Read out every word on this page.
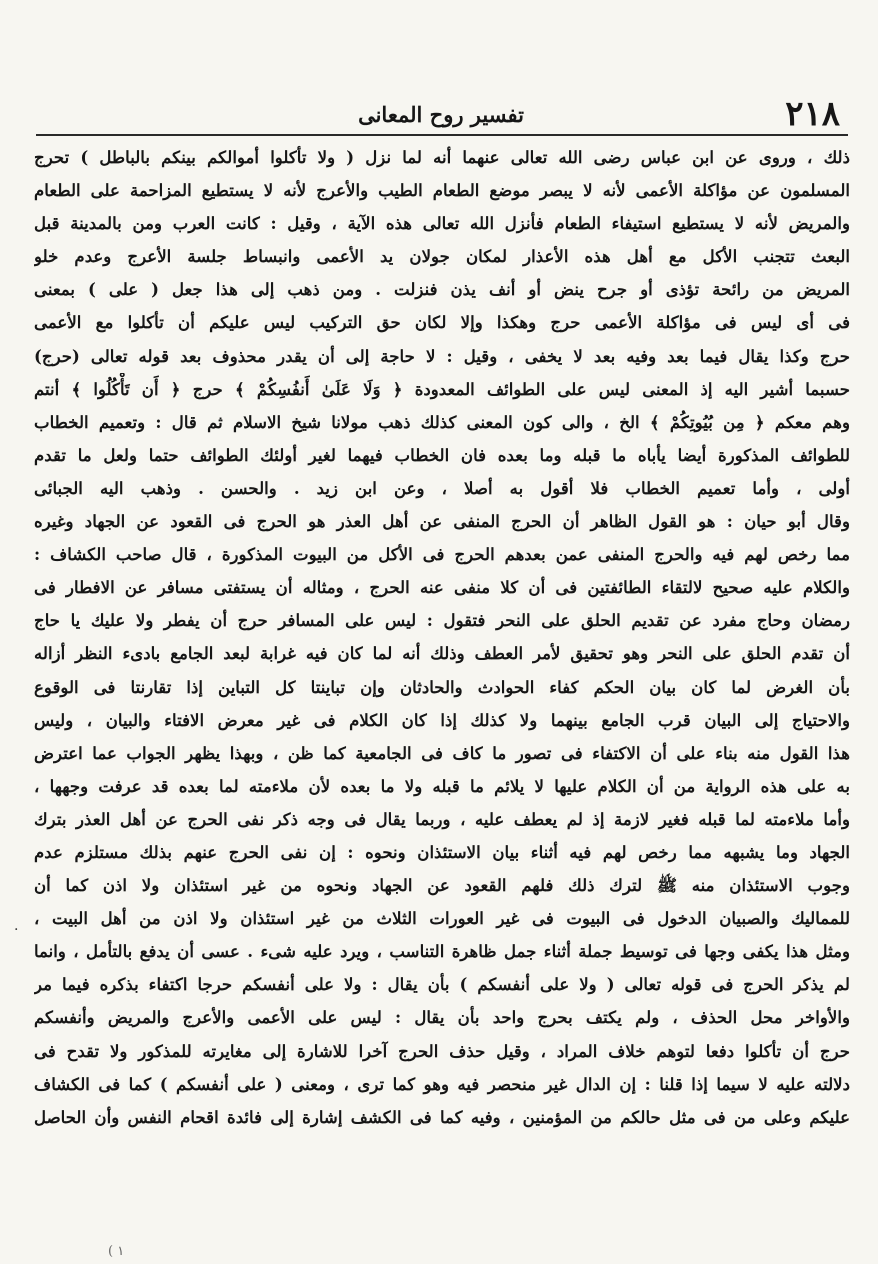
٢١٨
تفسير روح المعانى
ذلك ، وروى عن ابن عباس رضى الله تعالى عنهما أنه لما نزل ( ولا تأكلوا أموالكم بينكم بالباطل ) تحرج
المسلمون عن مؤاكلة الأعمى لأنه لا يبصر موضع الطعام الطيب والأعرج لأنه لا يستطيع المزاحمة على الطعام
والمريض لأنه لا يستطيع استيفاء الطعام فأنزل الله تعالى هذه الآية ، وقيل : كانت العرب ومن بالمدينة قبل
البعث تتجنب الأكل مع أهل هذه الأعذار لمكان جولان يد الأعمى وانبساط جلسة الأعرج وعدم خلو
المريض من رائحة تؤذى أو جرح ينض أو أنف يذن فنزلت . ومن ذهب إلى هذا جعل ( على ) بمعنى
فى أى ليس فى مؤاكلة الأعمى حرج وهكذا وإلا لكان حق التركيب ليس عليكم أن تأكلوا مع الأعمى
حرج وكذا يقال فيما بعد وفيه بعد لا يخفى ، وقيل : لا حاجة إلى أن يقدر محذوف بعد قوله تعالى (حرج)
حسبما أشير اليه إذ المعنى ليس على الطوائف المعدودة ﴿ وَلَا عَلَىٰ أَنفُسِكُمْ ﴾ حرج ﴿ أَن تَأْكُلُوا ﴾ أنتم
وهم معكم ﴿ مِن بُيُوتِكُمْ ﴾ الخ ، والى كون المعنى كذلك ذهب مولانا شيخ الاسلام ثم قال : وتعميم الخطاب
للطوائف المذكورة أيضا يأباه ما قبله وما بعده فان الخطاب فيهما لغير أولئك الطوائف حتما ولعل ما تقدم
أولى ، وأما تعميم الخطاب فلا أقول به أصلا ، وعن ابن زيد . والحسن . وذهب اليه الجبائى
وقال أبو حيان : هو القول الظاهر أن الحرج المنفى عن أهل العذر هو الحرج فى القعود عن الجهاد وغيره
مما رخص لهم فيه والحرج المنفى عمن بعدهم الحرج فى الأكل من البيوت المذكورة ، قال صاحب الكشاف :
والكلام عليه صحيح لالتقاء الطائفتين فى أن كلا منفى عنه الحرج ، ومثاله أن يستفتى مسافر عن الافطار فى
رمضان وحاج مفرد عن تقديم الحلق على النحر فتقول : ليس على المسافر حرج أن يفطر ولا عليك يا حاج
أن تقدم الحلق على النحر وهو تحقيق لأمر العطف وذلك أنه لما كان فيه غرابة لبعد الجامع بادىء النظر أزاله
بأن الغرض لما كان بيان الحكم كفاء الحوادث والحادثان وإن تباينتا كل التباين إذا تقارنتا فى الوقوع
والاحتياج إلى البيان قرب الجامع بينهما ولا كذلك إذا كان الكلام فى غير معرض الافتاء والبيان ، وليس
هذا القول منه بناء على أن الاكتفاء فى تصور ما كاف فى الجامعية كما ظن ، وبهذا يظهر الجواب عما اعترض
به على هذه الرواية من أن الكلام عليها لا يلائم ما قبله ولا ما بعده لأن ملاءمته لما بعده قد عرفت وجهها ،
وأما ملاءمته لما قبله فغير لازمة إذ لم يعطف عليه ، وربما يقال فى وجه ذكر نفى الحرج عن أهل العذر بترك
الجهاد وما يشبهه مما رخص لهم فيه أثناء بيان الاستئذان ونحوه : إن نفى الحرج عنهم بذلك مستلزم عدم
وجوب الاستئذان منه ﷺ لترك ذلك فلهم القعود عن الجهاد ونحوه من غير استئذان ولا اذن كما أن
للمماليك والصبيان الدخول فى البيوت فى غير العورات الثلاث من غير استئذان ولا اذن من أهل البيت ،
ومثل هذا يكفى وجها فى توسيط جملة أثناء جمل ظاهرة التناسب ، ويرد عليه شىء . عسى أن يدفع بالتأمل ، وانما
لم يذكر الحرج فى قوله تعالى ( ولا على أنفسكم ) بأن يقال : ولا على أنفسكم حرجا اكتفاء بذكره فيما مر
والأواخر محل الحذف ، ولم يكتف بحرج واحد بأن يقال : ليس على الأعمى والأعرج والمريض وأنفسكم
حرج أن تأكلوا دفعا لتوهم خلاف المراد ، وقيل حذف الحرج آخرا للاشارة إلى مغايرته للمذكور ولا تقدح فى
دلالته عليه لا سيما إذا قلنا : إن الدال غير منحصر فيه وهو كما ترى ، ومعنى ( على أنفسكم ) كما فى الكشاف
عليكم وعلى من فى مثل حالكم من المؤمنين ، وفيه كما فى الكشف إشارة إلى فائدة اقحام النفس وأن الحاصل
.
( ١
